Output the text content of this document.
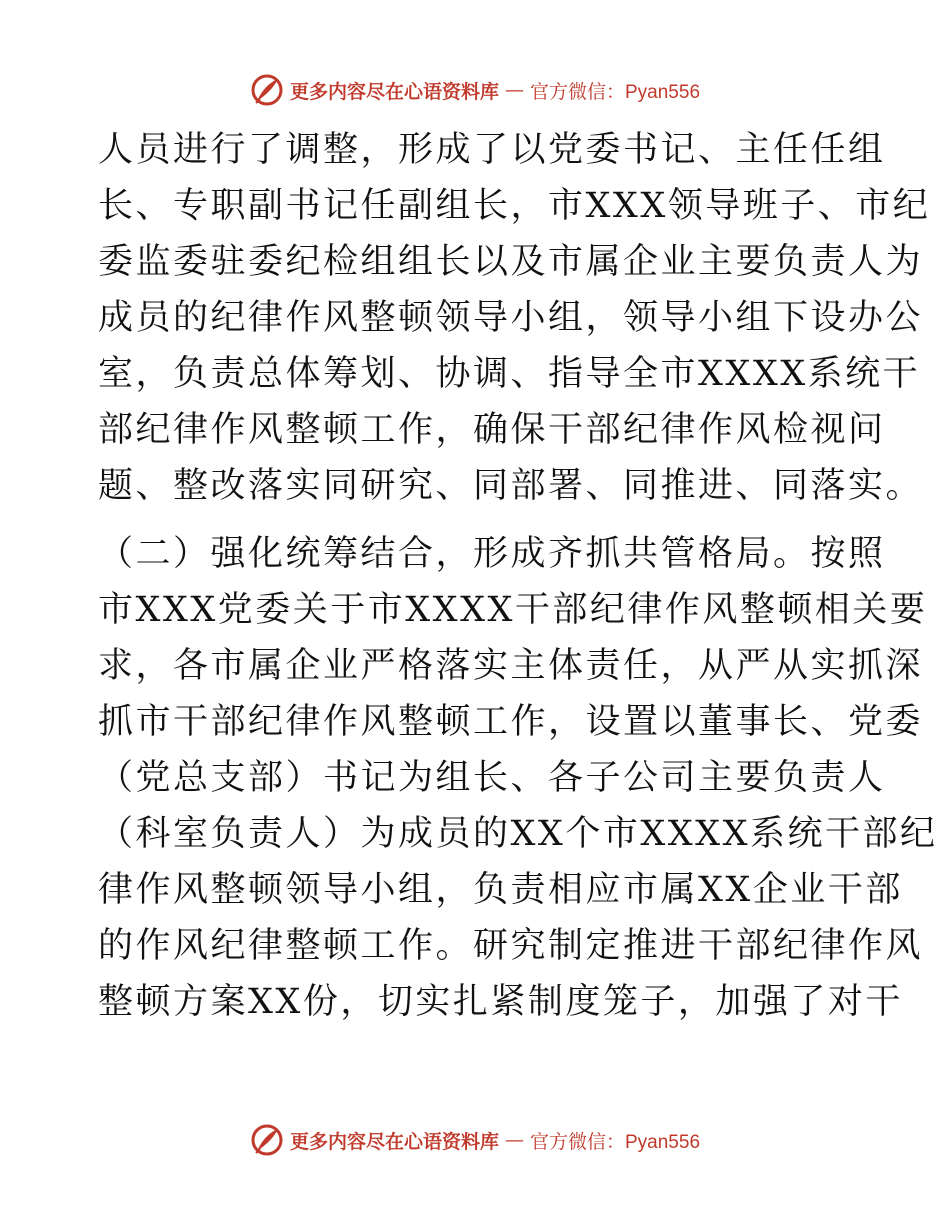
更多内容尽在心语资料库 — 官方微信：Pyan556
人员进行了调整，形成了以党委书记、主任任组
长、专职副书记任副组长，市XXX领导班子、市纪
委监委驻委纪检组组长以及市属企业主要负责人为
成员的纪律作风整顿领导小组，领导小组下设办公
室，负责总体筹划、协调、指导全市XXXX系统干
部纪律作风整顿工作，确保干部纪律作风检视问
题、整改落实同研究、同部署、同推进、同落实。
（二）强化统筹结合，形成齐抓共管格局。按照
市XXX党委关于市XXXX干部纪律作风整顿相关要
求，各市属企业严格落实主体责任，从严从实抓深
抓市干部纪律作风整顿工作，设置以董事长、党委
（党总支部）书记为组长、各子公司主要负责人
（科室负责人）为成员的XX个市XXXX系统干部纪
律作风整顿领导小组，负责相应市属XX企业干部
的作风纪律整顿工作。研究制定推进干部纪律作风
整顿方案XX份，切实扎紧制度笼子，加强了对干
更多内容尽在心语资料库 — 官方微信：Pyan556
